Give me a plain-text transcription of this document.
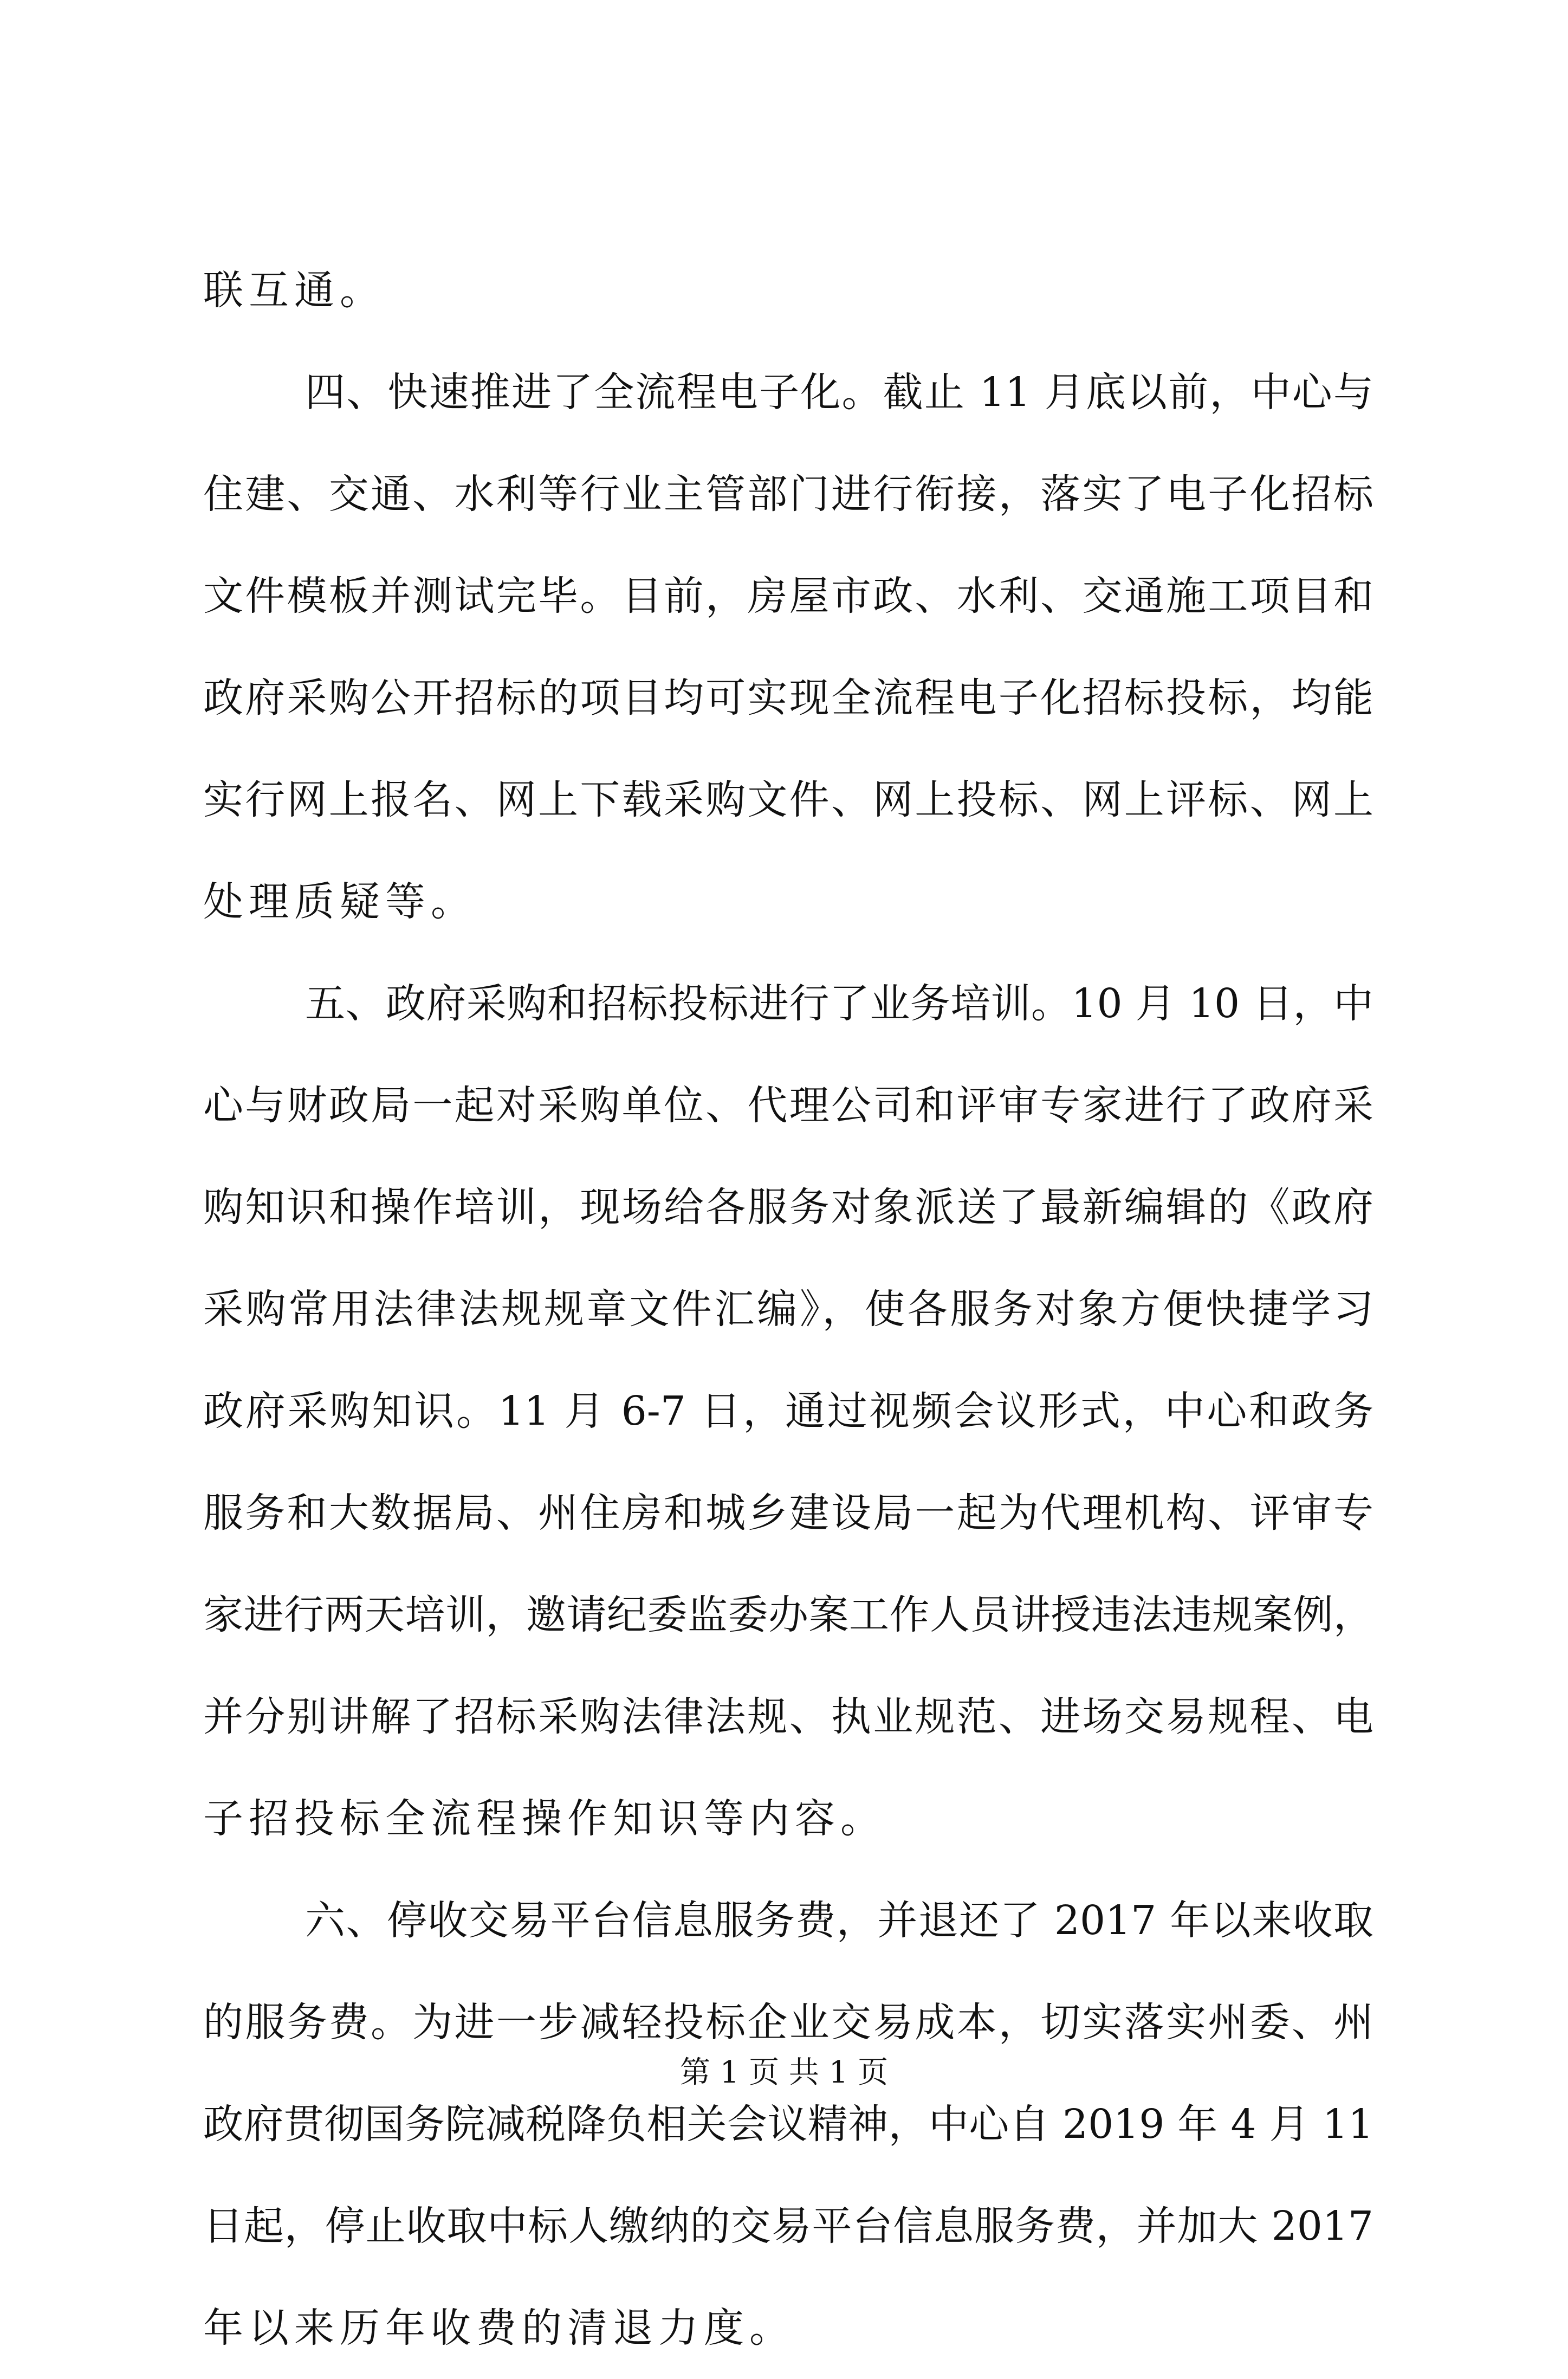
联互通。
四、快速推进了全流程电子化。截止 11 月底以前，中心与
住建、交通、水利等行业主管部门进行衔接，落实了电子化招标
文件模板并测试完毕。目前，房屋市政、水利、交通施工项目和
政府采购公开招标的项目均可实现全流程电子化招标投标，均能
实行网上报名、网上下载采购文件、网上投标、网上评标、网上
处理质疑等。
五、政府采购和招标投标进行了业务培训。10 月 10 日，中
心与财政局一起对采购单位、代理公司和评审专家进行了政府采
购知识和操作培训，现场给各服务对象派送了最新编辑的《政府
采购常用法律法规规章文件汇编》，使各服务对象方便快捷学习
政府采购知识。11 月 6-7 日，通过视频会议形式，中心和政务
服务和大数据局、州住房和城乡建设局一起为代理机构、评审专
家进行两天培训，邀请纪委监委办案工作人员讲授违法违规案例，
并分别讲解了招标采购法律法规、执业规范、进场交易规程、电
子招投标全流程操作知识等内容。
六、停收交易平台信息服务费，并退还了 2017 年以来收取
的服务费。为进一步减轻投标企业交易成本，切实落实州委、州
政府贯彻国务院减税降负相关会议精神，中心自 2019 年 4 月 11
日起，停止收取中标人缴纳的交易平台信息服务费，并加大 2017
年以来历年收费的清退力度。
第 1 页 共 1 页
